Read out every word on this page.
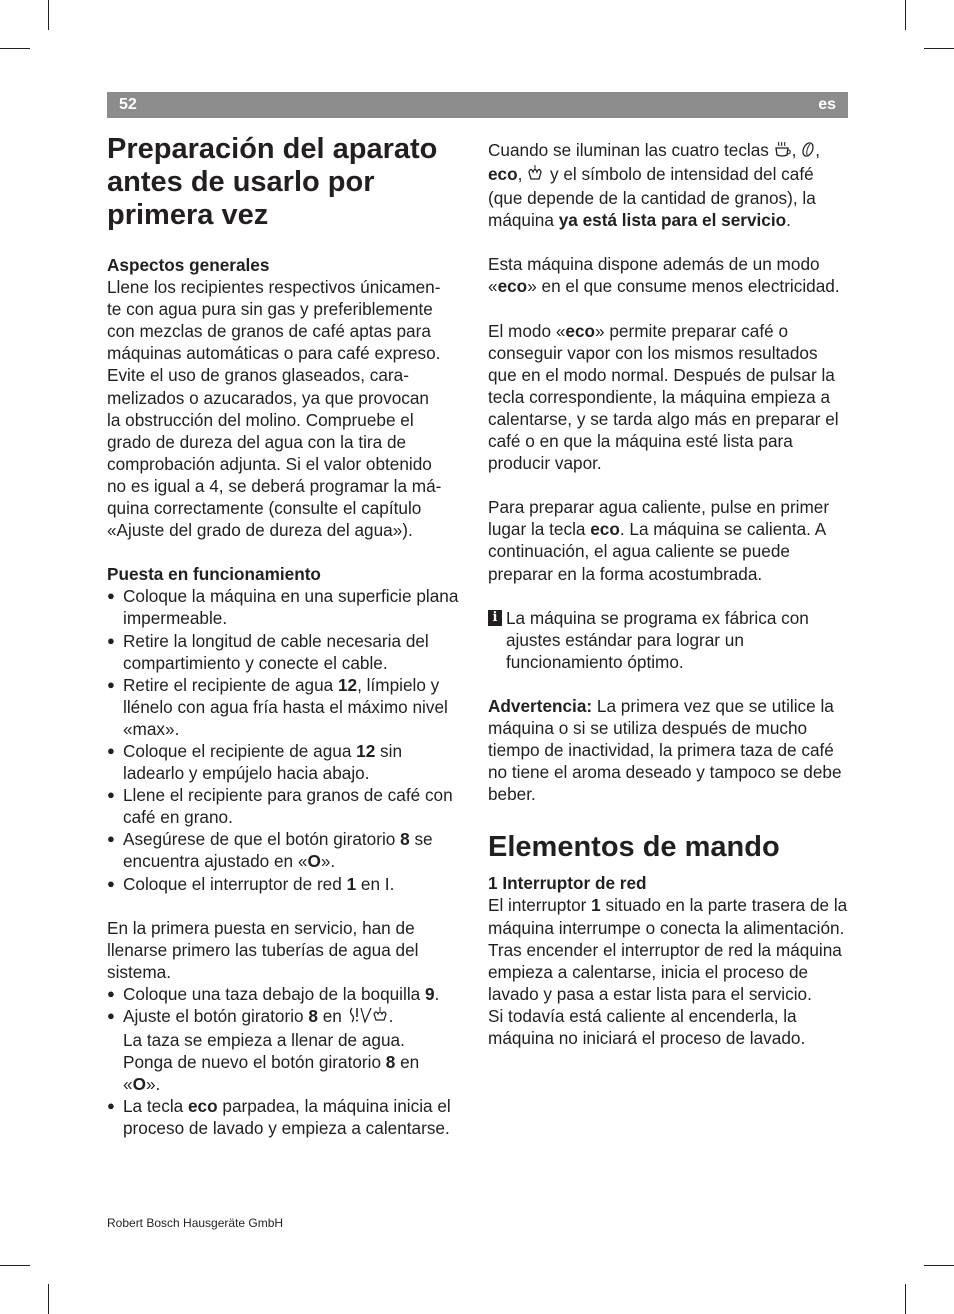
52	es
Preparación del aparato antes de usarlo por primera vez

Aspectos generales

Llene los recipientes respectivos únicamen-
te con agua pura sin gas y preferiblemente
con mezclas de granos de café aptas para
máquinas automáticas o para café expreso.
Evite el uso de granos glaseados, cara-
melizados o azucarados, ya que provocan
la obstrucción del molino. Compruebe el
grado de dureza del agua con la tira de
comprobación adjunta. Si el valor obtenido
no es igual a 4, se deberá programar la má-
quina correctamente (consulte el capítulo
«Ajuste del grado de dureza del agua»).

Puesta en funcionamiento

● Coloque la máquina en una superficie plana impermeable.
● Retire la longitud de cable necesaria del compartimiento y conecte el cable.
● Retire el recipiente de agua 12, límpielo y llénelo con agua fría hasta el máximo nivel «max».
● Coloque el recipiente de agua 12 sin ladearlo y empújelo hacia abajo.
● Llene el recipiente para granos de café con café en grano.
● Asegúrese de que el botón giratorio 8 se encuentra ajustado en «O».
● Coloque el interruptor de red 1 en I.

En la primera puesta en servicio, han de llenarse primero las tuberías de agua del sistema.

● Coloque una taza debajo de la boquilla 9.
● Ajuste el botón giratorio 8 en .
La taza se empieza a llenar de agua.
Ponga de nuevo el botón giratorio 8 en
«O».
● La tecla eco parpadea, la máquina inicia el proceso de lavado y empieza a calentarse.

Cuando se iluminan las cuatro teclas , ,
eco,  y el símbolo de intensidad del café (que depende de la cantidad de granos), la máquina ya está lista para el servicio.

Esta máquina dispone además de un modo «eco» en el que consume menos electricidad.

El modo «eco» permite preparar café o conseguir vapor con los mismos resultados que en el modo normal. Después de pulsar la tecla correspondiente, la máquina empieza a calentarse, y se tarda algo más en preparar el café o en que la máquina esté lista para producir vapor.

Para preparar agua caliente, pulse en primer lugar la tecla eco. La máquina se calienta. A continuación, el agua caliente se puede preparar en la forma acostumbrada.

i La máquina se programa ex fábrica con ajustes estándar para lograr un funcionamiento óptimo.

Advertencia: La primera vez que se utilice la máquina o si se utiliza después de mucho tiempo de inactividad, la primera taza de café no tiene el aroma deseado y tampoco se debe beber.

Elementos de mando

1 Interruptor de red

El interruptor 1 situado en la parte trasera de la máquina interrumpe o conecta la alimentación.

Tras encender el interruptor de red la máquina empieza a calentarse, inicia el proceso de lavado y pasa a estar lista para el servicio.

Si todavía está caliente al encenderla, la máquina no iniciará el proceso de lavado.

Robert Bosch Hausgeräte GmbH
